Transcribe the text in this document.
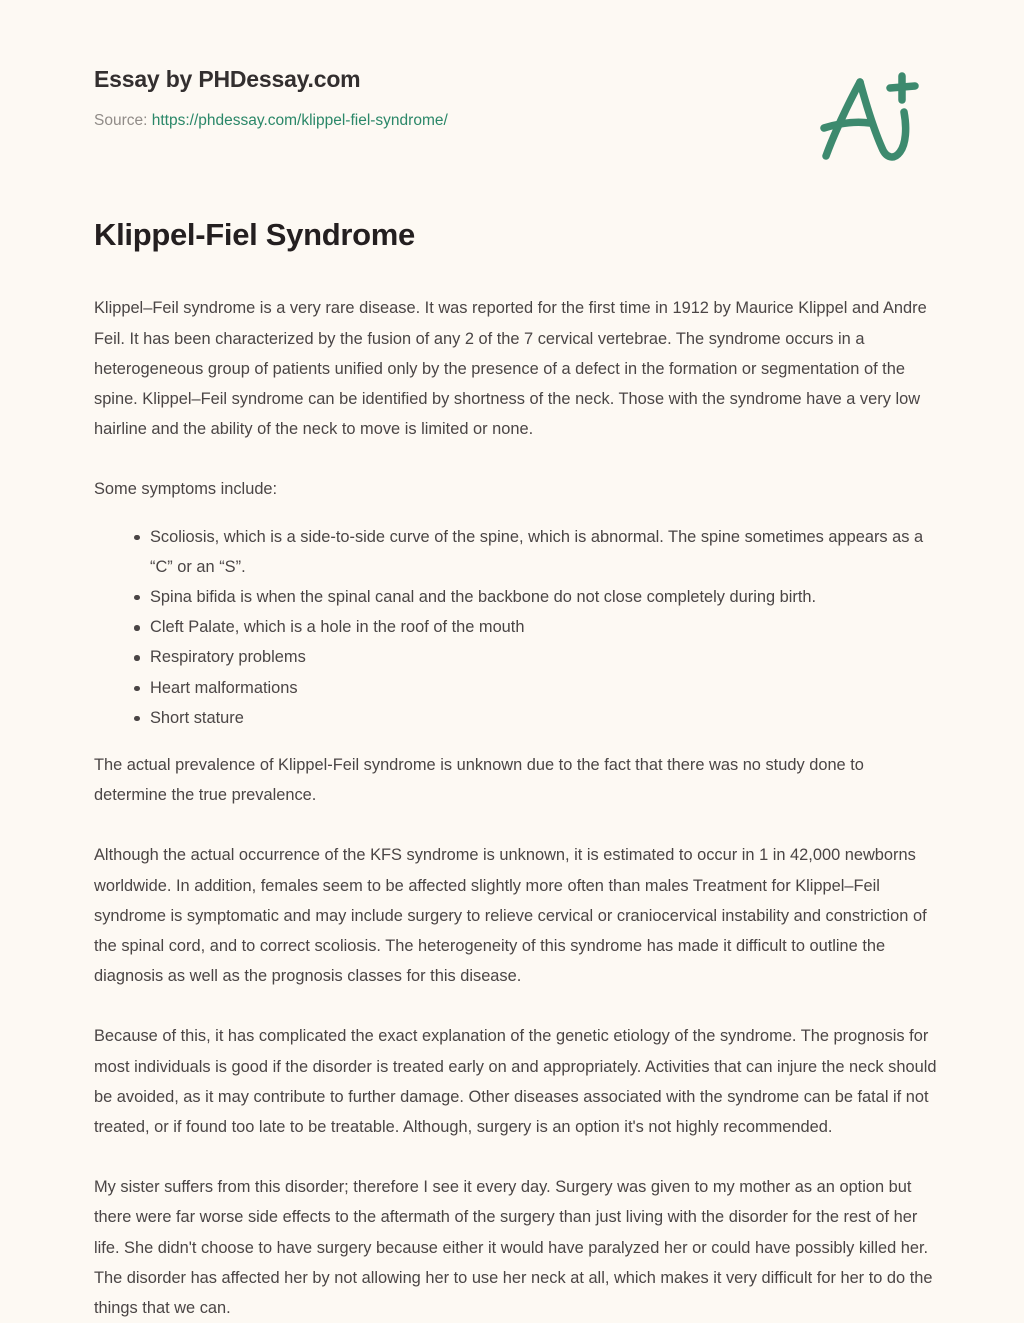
Essay by PHDessay.com
Source: https://phdessay.com/klippel-fiel-syndrome/
Klippel-Fiel Syndrome

Klippel–Feil syndrome is a very rare disease. It was reported for the first time in 1912 by Maurice Klippel and Andre Feil. It has been characterized by the fusion of any 2 of the 7 cervical vertebrae. The syndrome occurs in a heterogeneous group of patients unified only by the presence of a defect in the formation or segmentation of the spine. Klippel–Feil syndrome can be identified by shortness of the neck. Those with the syndrome have a very low hairline and the ability of the neck to move is limited or none.

Some symptoms include:

Scoliosis, which is a side-to-side curve of the spine, which is abnormal. The spine sometimes appears as a “C” or an “S”.
Spina bifida is when the spinal canal and the backbone do not close completely during birth.
Cleft Palate, which is a hole in the roof of the mouth
Respiratory problems
Heart malformations
Short stature

The actual prevalence of Klippel-Feil syndrome is unknown due to the fact that there was no study done to determine the true prevalence.

Although the actual occurrence of the KFS syndrome is unknown, it is estimated to occur in 1 in 42,000 newborns worldwide. In addition, females seem to be affected slightly more often than males Treatment for Klippel–Feil syndrome is symptomatic and may include surgery to relieve cervical or craniocervical instability and constriction of the spinal cord, and to correct scoliosis. The heterogeneity of this syndrome has made it difficult to outline the diagnosis as well as the prognosis classes for this disease.

Because of this, it has complicated the exact explanation of the genetic etiology of the syndrome. The prognosis for most individuals is good if the disorder is treated early on and appropriately. Activities that can injure the neck should be avoided, as it may contribute to further damage. Other diseases associated with the syndrome can be fatal if not treated, or if found too late to be treatable. Although, surgery is an option it's not highly recommended.

My sister suffers from this disorder; therefore I see it every day. Surgery was given to my mother as an option but there were far worse side effects to the aftermath of the surgery than just living with the disorder for the rest of her life. She didn't choose to have surgery because either it would have paralyzed her or could have possibly killed her. The disorder has affected her by not allowing her to use her neck at all, which makes it very difficult for her to do the things that we can.
